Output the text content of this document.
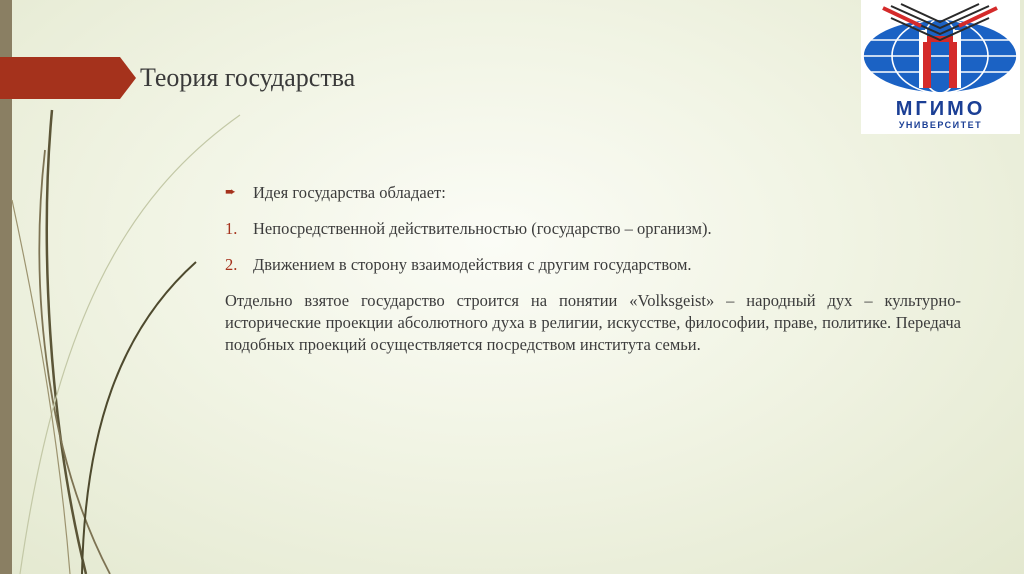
Теория государства
МГИМО
УНИВЕРСИТЕТ
➨ Идея государства обладает:
1. Непосредственной действительностью (государство – организм).
2. Движением в сторону взаимодействия с другим государством.

Отдельно взятое государство строится на понятии «Volksgeist» – народный дух – культурно-исторические проекции абсолютного духа в религии, искусстве, философии, праве, политике. Передача подобных проекций осуществляется посредством института семьи.
